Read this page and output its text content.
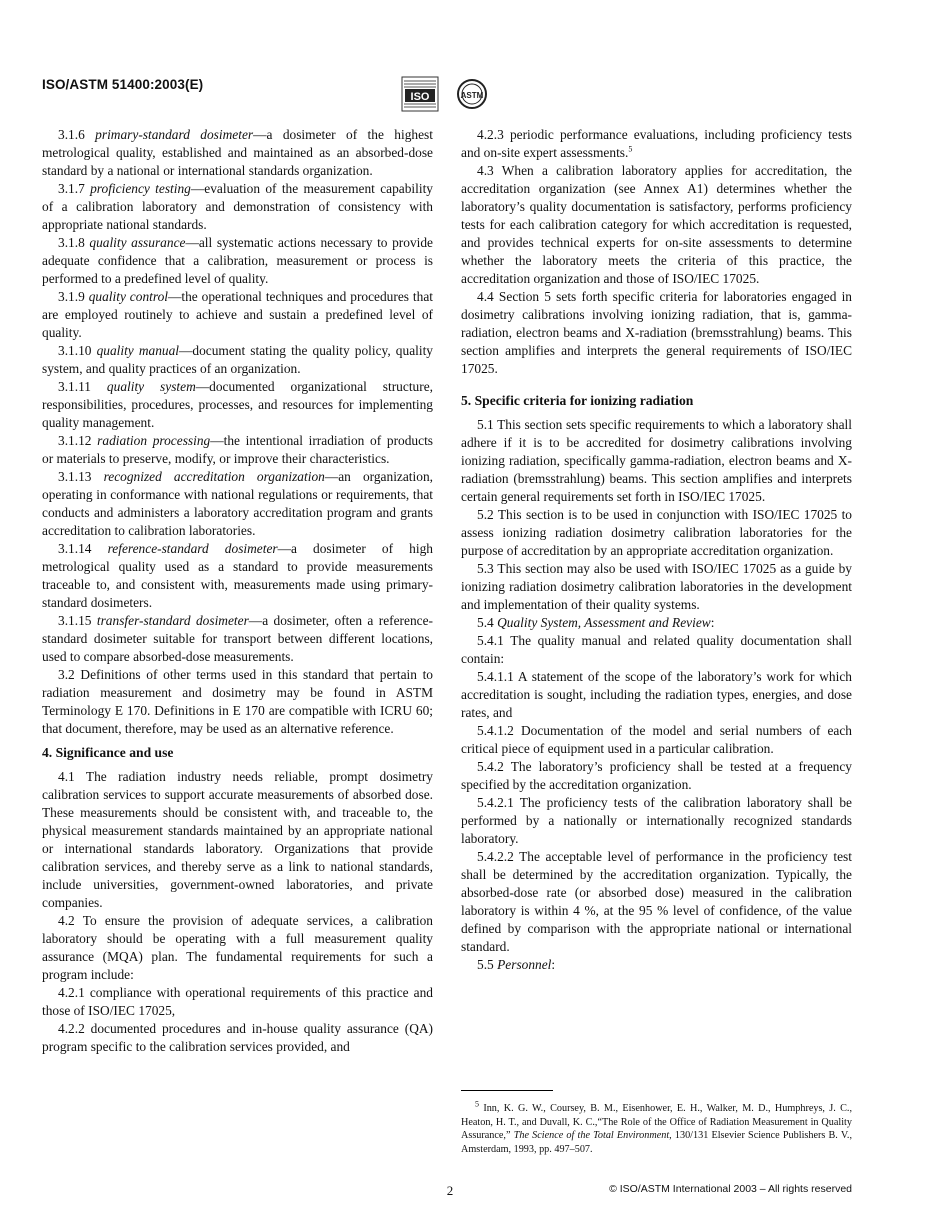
ISO/ASTM 51400:2003(E)
ISO	ASTM

3.1.6 primary-standard dosimeter—a dosimeter of the highest metrological quality, established and maintained as an absorbed-dose standard by a national or international standards organization.

3.1.7 proficiency testing—evaluation of the measurement capability of a calibration laboratory and demonstration of consistency with appropriate national standards.

3.1.8 quality assurance—all systematic actions necessary to provide adequate confidence that a calibration, measurement or process is performed to a predefined level of quality.

3.1.9 quality control—the operational techniques and procedures that are employed routinely to achieve and sustain a predefined level of quality.

3.1.10 quality manual—document stating the quality policy, quality system, and quality practices of an organization.

3.1.11 quality system—documented organizational structure, responsibilities, procedures, processes, and resources for implementing quality management.

3.1.12 radiation processing—the intentional irradiation of products or materials to preserve, modify, or improve their characteristics.

3.1.13 recognized accreditation organization—an organization, operating in conformance with national regulations or requirements, that conducts and administers a laboratory accreditation program and grants accreditation to calibration laboratories.

3.1.14 reference-standard dosimeter—a dosimeter of high metrological quality used as a standard to provide measurements traceable to, and consistent with, measurements made using primary-standard dosimeters.

3.1.15 transfer-standard dosimeter—a dosimeter, often a reference-standard dosimeter suitable for transport between different locations, used to compare absorbed-dose measurements.

3.2 Definitions of other terms used in this standard that pertain to radiation measurement and dosimetry may be found in ASTM Terminology E 170. Definitions in E 170 are compatible with ICRU 60; that document, therefore, may be used as an alternative reference.

4. Significance and use

4.1 The radiation industry needs reliable, prompt dosimetry calibration services to support accurate measurements of absorbed dose. These measurements should be consistent with, and traceable to, the physical measurement standards maintained by an appropriate national or international standards laboratory. Organizations that provide calibration services, and thereby serve as a link to national standards, include universities, government-owned laboratories, and private companies.

4.2 To ensure the provision of adequate services, a calibration laboratory should be operating with a full measurement quality assurance (MQA) plan. The fundamental requirements for such a program include:

4.2.1 compliance with operational requirements of this practice and those of ISO/IEC 17025,

4.2.2 documented procedures and in-house quality assurance (QA) program specific to the calibration services provided, and

4.2.3 periodic performance evaluations, including proficiency tests and on-site expert assessments.$^5$

4.3 When a calibration laboratory applies for accreditation, the accreditation organization (see Annex A1) determines whether the laboratory’s quality documentation is satisfactory, performs proficiency tests for each calibration category for which accreditation is requested, and provides technical experts for on-site assessments to determine whether the laboratory meets the criteria of this practice, the accreditation organization and those of ISO/IEC 17025.

4.4 Section 5 sets forth specific criteria for laboratories engaged in dosimetry calibrations involving ionizing radiation, that is, gamma-radiation, electron beams and X-radiation (bremsstrahlung) beams. This section amplifies and interprets the general requirements of ISO/IEC 17025.

5. Specific criteria for ionizing radiation

5.1 This section sets specific requirements to which a laboratory shall adhere if it is to be accredited for dosimetry calibrations involving ionizing radiation, specifically gamma-radiation, electron beams and X-radiation (bremsstrahlung) beams. This section amplifies and interprets certain general requirements set forth in ISO/IEC 17025.

5.2 This section is to be used in conjunction with ISO/IEC 17025 to assess ionizing radiation dosimetry calibration laboratories for the purpose of accreditation by an appropriate accreditation organization.

5.3 This section may also be used with ISO/IEC 17025 as a guide by ionizing radiation dosimetry calibration laboratories in the development and implementation of their quality systems.

5.4 Quality System, Assessment and Review:

5.4.1 The quality manual and related quality documentation shall contain:

5.4.1.1 A statement of the scope of the laboratory’s work for which accreditation is sought, including the radiation types, energies, and dose rates, and

5.4.1.2 Documentation of the model and serial numbers of each critical piece of equipment used in a particular calibration.

5.4.2 The laboratory’s proficiency shall be tested at a frequency specified by the accreditation organization.

5.4.2.1 The proficiency tests of the calibration laboratory shall be performed by a nationally or internationally recognized standards laboratory.

5.4.2.2 The acceptable level of performance in the proficiency test shall be determined by the accreditation organization. Typically, the absorbed-dose rate (or absorbed dose) measured in the calibration laboratory is within 4 %, at the 95 % level of confidence, of the value defined by comparison with the appropriate national or international standard.

5.5 Personnel:

$^5$ Inn, K. G. W., Coursey, B. M., Eisenhower, E. H., Walker, M. D., Humphreys, J. C., Heaton, H. T., and Duvall, K. C.,“The Role of the Office of Radiation Measurement in Quality Assurance,” The Science of the Total Environment, 130/131 Elsevier Science Publishers B. V., Amsterdam, 1993, pp. 497–507.

2	© ISO/ASTM International 2003 – All rights reserved
